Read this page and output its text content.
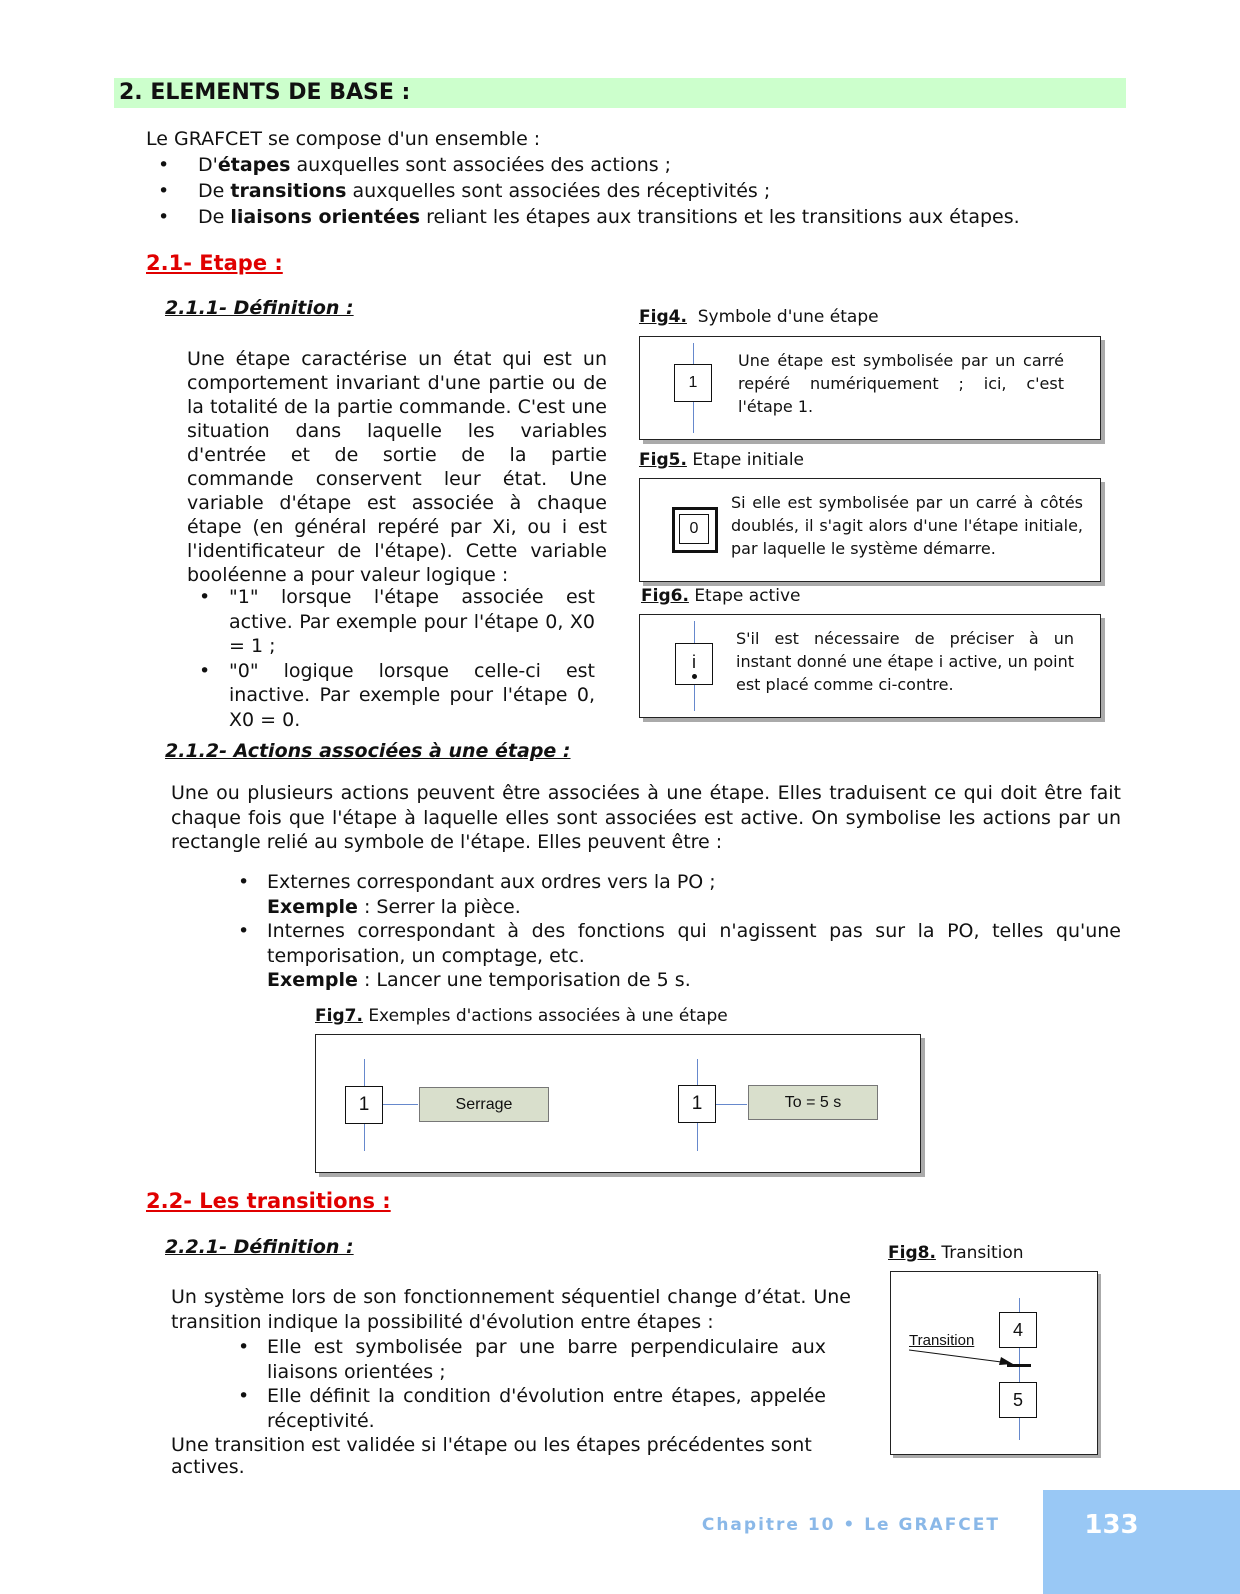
2. ELEMENTS DE BASE :
Le GRAFCET se compose d'un ensemble :
• D'étapes auxquelles sont associées des actions ;
• De transitions auxquelles sont associées des réceptivités ;
• De liaisons orientées reliant les étapes aux transitions et les transitions aux étapes.
2.1- Etape :
2.1.1- Définition :
Une étape caractérise un état qui est un comportement invariant d'une partie ou de la totalité de la partie commande. C'est une situation dans laquelle les variables d'entrée et de sortie de la partie commande conservent leur état. Une variable d'étape est associée à chaque étape (en général repéré par Xi, ou i est l'identificateur de l'étape). Cette variable booléenne a pour valeur logique :
• "1" lorsque l'étape associée est active. Par exemple pour l'étape 0, X0 = 1 ;
• "0" logique lorsque celle-ci est inactive. Par exemple pour l'étape 0, X0 = 0.
Fig4. Symbole d'une étape
1
Une étape est symbolisée par un carré repéré numériquement ; ici, c'est l'étape 1.
Fig5. Etape initiale
0
Si elle est symbolisée par un carré à côtés doublés, il s'agit alors d'une l'étape initiale, par laquelle le système démarre.
Fig6. Etape active
i
S'il est nécessaire de préciser à un instant donné une étape i active, un point est placé comme ci-contre.
2.1.2- Actions associées à une étape :
Une ou plusieurs actions peuvent être associées à une étape. Elles traduisent ce qui doit être fait chaque fois que l'étape à laquelle elles sont associées est active. On symbolise les actions par un rectangle relié au symbole de l'étape. Elles peuvent être :
• Externes correspondant aux ordres vers la PO ;
Exemple : Serrer la pièce.
• Internes correspondant à des fonctions qui n'agissent pas sur la PO, telles qu'une temporisation, un comptage, etc.
Exemple : Lancer une temporisation de 5 s.
Fig7. Exemples d'actions associées à une étape
1	Serrage	1	To = 5 s
2.2- Les transitions :
2.2.1- Définition :
Un système lors de son fonctionnement séquentiel change d’état. Une transition indique la possibilité d'évolution entre étapes :
• Elle est symbolisée par une barre perpendiculaire aux liaisons orientées ;
• Elle définit la condition d'évolution entre étapes, appelée réceptivité.
Une transition est validée si l'étape ou les étapes précédentes sont actives.
Fig8. Transition
4
5
Transition
Chapitre 10 • Le GRAFCET	133
